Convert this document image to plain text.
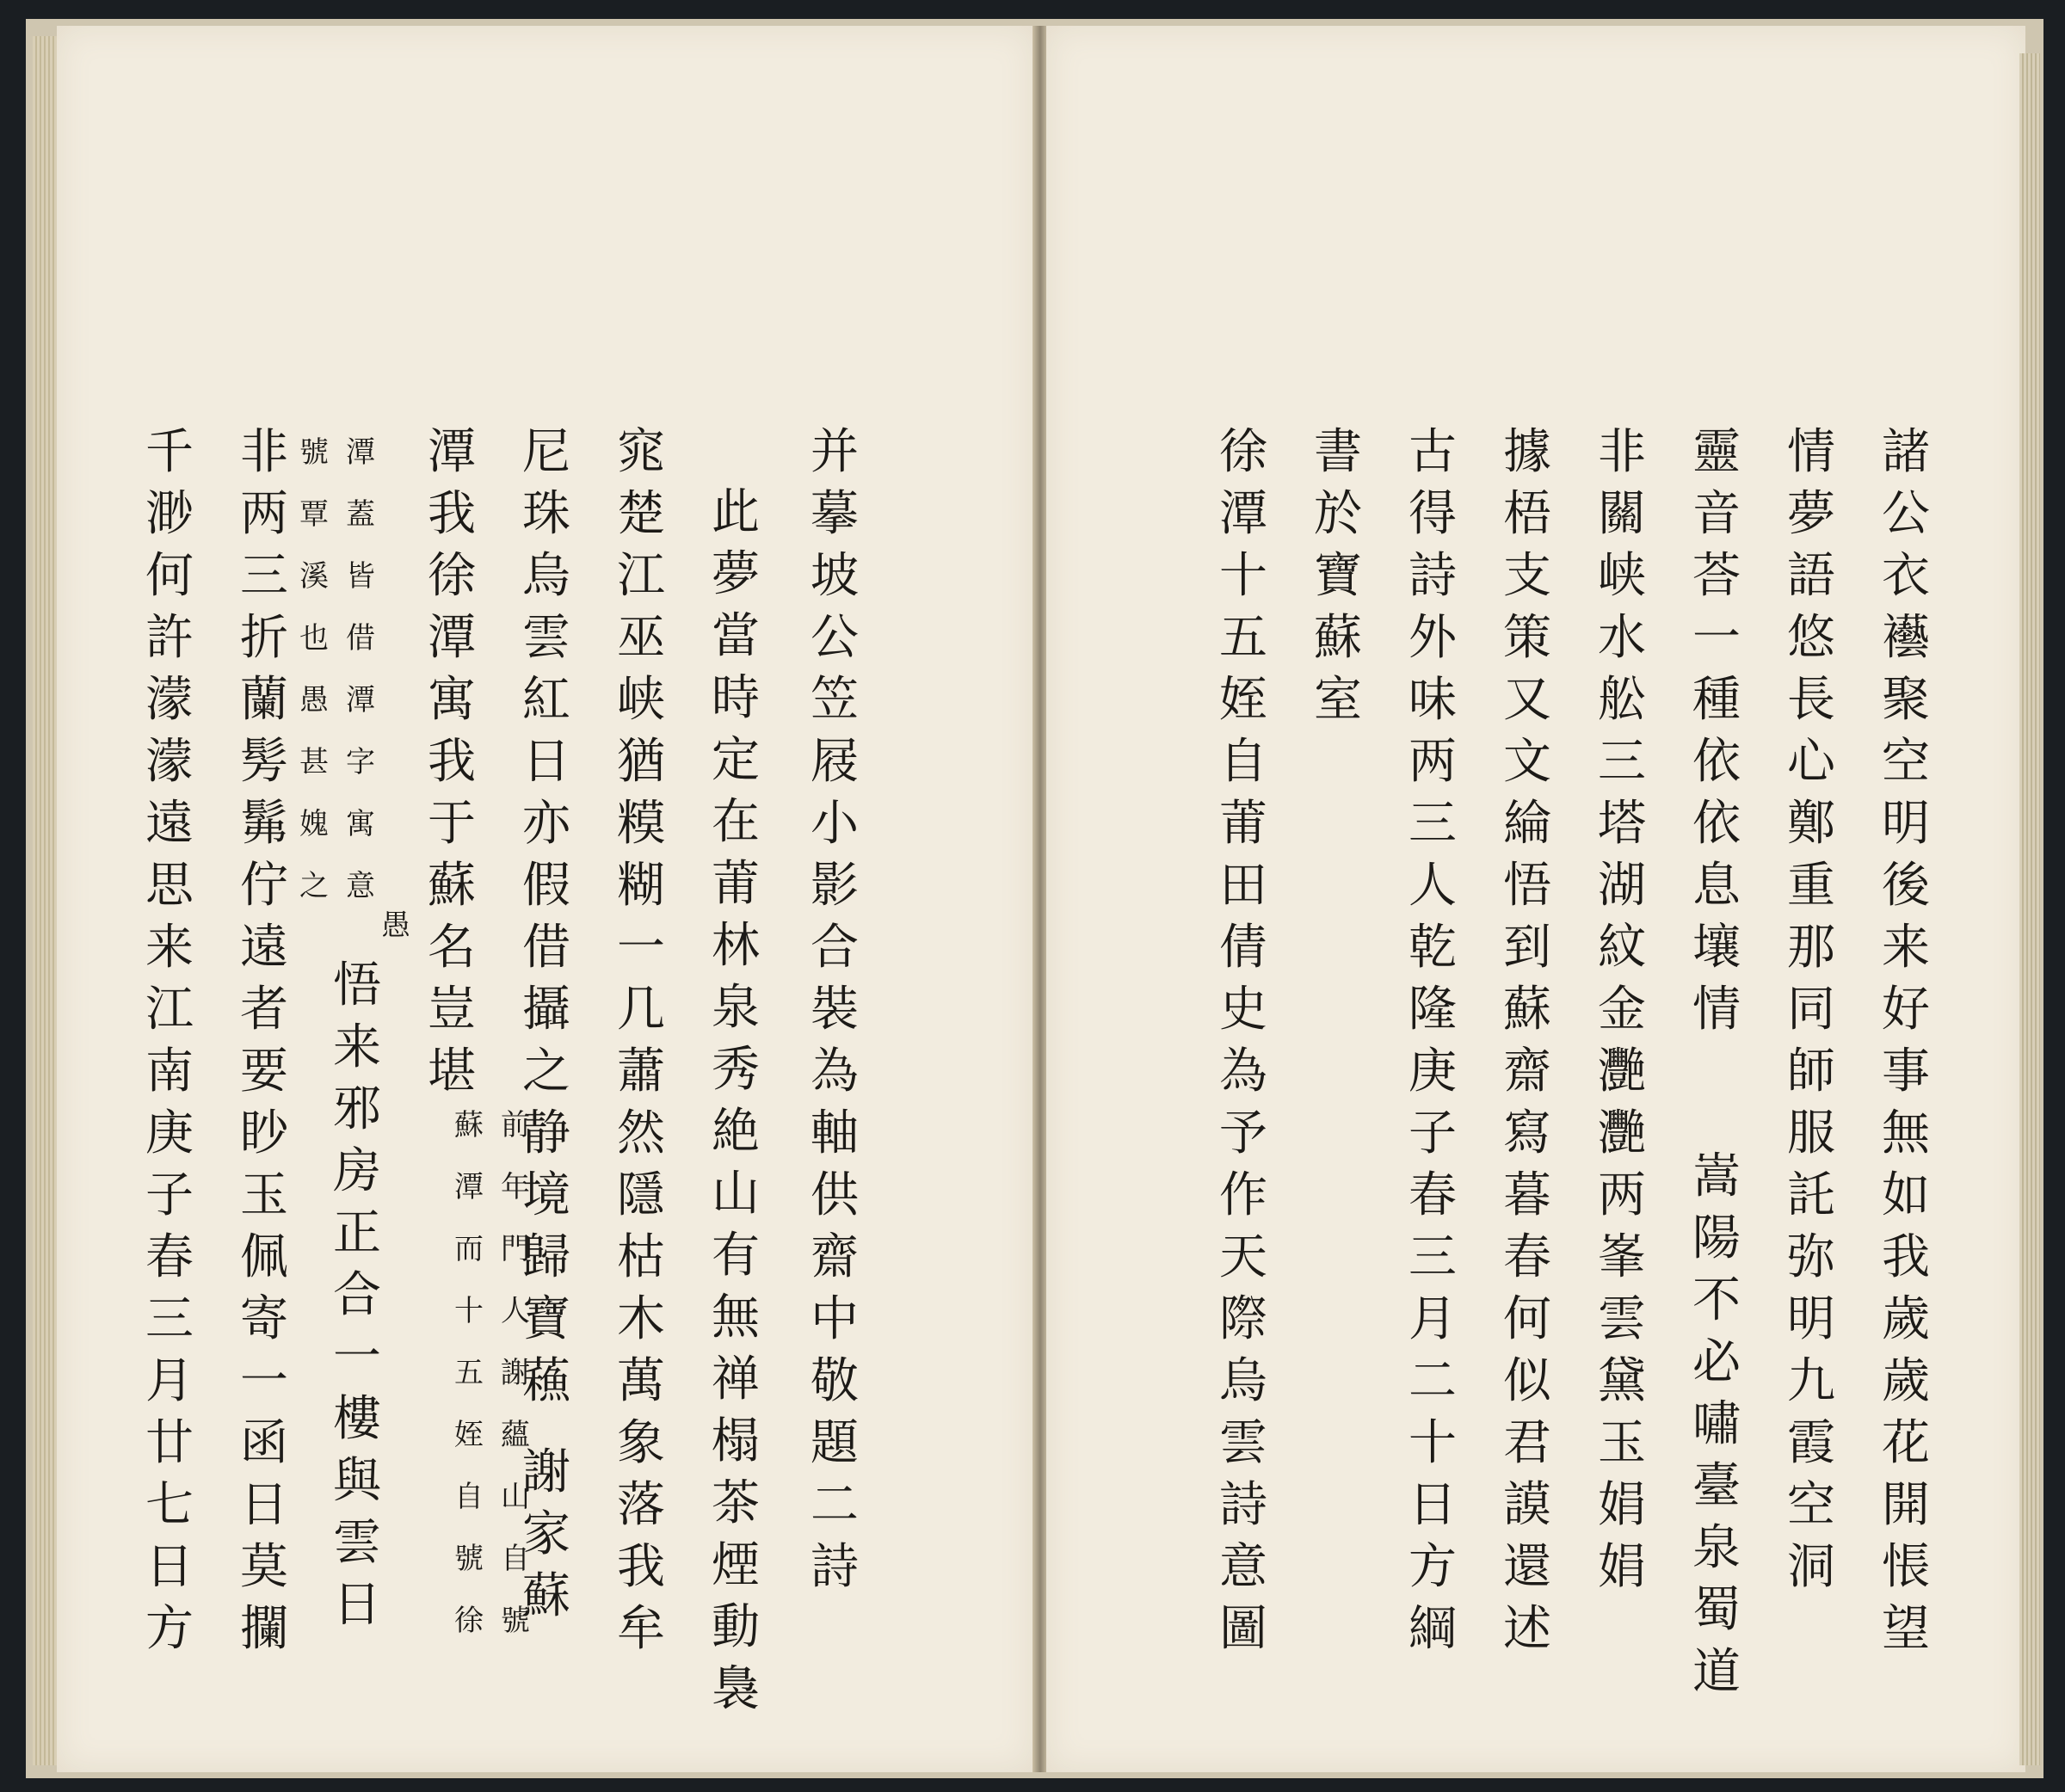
并
摹
坡
公
笠
屐
小
影
合
裝
為
軸
供
齋
中
敬
題
二
詩
此
夢
當
時
定
在
莆
林
泉
秀
絶
山
有
無
禅
榻
茶
煙
動
裊
窕
楚
江
巫
峡
猶
糢
糊
一
几
蕭
然
隱
枯
木
萬
象
落
我
牟
尼
珠
烏
雲
紅
日
亦
假
借
攝
之
静
境
歸
寶
蘓
謝
家
蘇
潭
我
徐
潭
寓
我
于
蘇
名
豈
堪
前
年
門
人
謝
蘊
山
自
號
蘇
潭
而
十
五
姪
自
號
徐
悟
来
邪
房
正
合
一
樓
與
雲
日
潭
蓋
皆
借
潭
字
寓
意
號
覃
溪
也
愚
甚
媿
之
愚
非
两
三
折
蘭
髣
髴
佇
遠
者
要
眇
玉
佩
寄
一
函
日
莫
攔
千
渺
何
許
濛
濛
遠
思
来
江
南
庚
子
春
三
月
廿
七
日
方
諸
公
衣
襼
聚
空
明
後
来
好
事
無
如
我
歲
歲
花
開
悵
望
情
夢
語
悠
長
心
鄭
重
那
同
師
服
託
弥
明
九
霞
空
洞
靈
音
荅
一
種
依
依
息
壤
情
嵩
陽
不
必
嘯
臺
泉
蜀
道
非
關
峡
水
舩
三
塔
湖
紋
金
灧
灧
两
峯
雲
黛
玉
娟
娟
據
梧
支
策
又
文
綸
悟
到
蘇
齋
寫
暮
春
何
似
君
謨
還
述
古
得
詩
外
味
两
三
人
乾
隆
庚
子
春
三
月
二
十
日
方
綱
書
於
寶
蘇
室
徐
潭
十
五
姪
自
莆
田
倩
史
為
予
作
天
際
烏
雲
詩
意
圖
